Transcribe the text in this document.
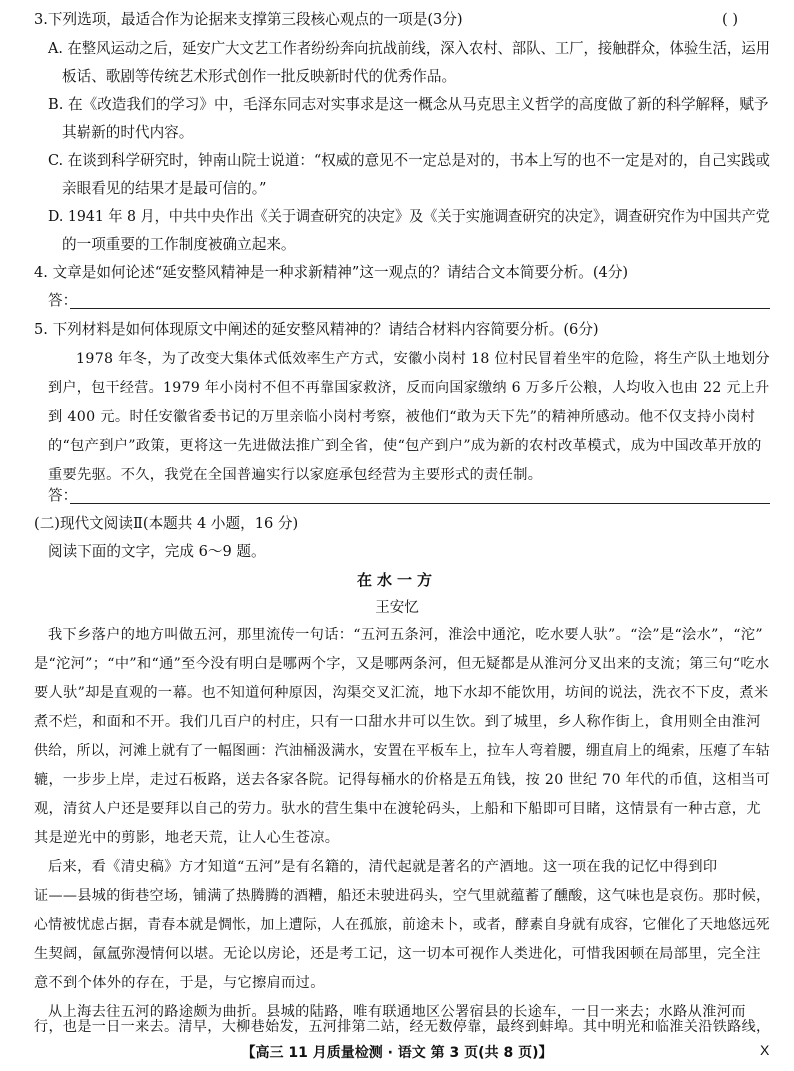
3.下列选项，最适合作为论据来支撑第三段核心观点的一项是(3分)	( )
A. 在整风运动之后，延安广大文艺工作者纷纷奔向抗战前线，深入农村、部队、工厂，接触群众，体验生活，运用
板话、歌剧等传统艺术形式创作一批反映新时代的优秀作品。
B. 在《改造我们的学习》中，毛泽东同志对实事求是这一概念从马克思主义哲学的高度做了新的科学解释，赋予
其崭新的时代内容。
C. 在谈到科学研究时，钟南山院士说道：“权威的意见不一定总是对的，书本上写的也不一定是对的，自己实践或
亲眼看见的结果才是最可信的。”
D. 1941 年 8 月，中共中央作出《关于调查研究的决定》及《关于实施调查研究的决定》，调查研究作为中国共产党
的一项重要的工作制度被确立起来。
4. 文章是如何论述“延安整风精神是一种求新精神”这一观点的？请结合文本简要分析。(4分)
答：
5. 下列材料是如何体现原文中阐述的延安整风精神的？请结合材料内容简要分析。(6分)
1978 年冬，为了改变大集体式低效率生产方式，安徽小岗村 18 位村民冒着坐牢的危险，将生产队土地划分
到户，包干经营。1979 年小岗村不但不再靠国家救济，反而向国家缴纳 6 万多斤公粮，人均收入也由 22 元上升
到 400 元。时任安徽省委书记的万里亲临小岗村考察，被他们“敢为天下先”的精神所感动。他不仅支持小岗村
的“包产到户”政策，更将这一先进做法推广到全省，使“包产到户”成为新的农村改革模式，成为中国改革开放的
重要先驱。不久，我党在全国普遍实行以家庭承包经营为主要形式的责任制。
答：
(二)现代文阅读Ⅱ(本题共 4 小题，16 分)
阅读下面的文字，完成 6～9 题。
在水一方
王安忆
我下乡落户的地方叫做五河，那里流传一句话：“五河五条河，淮浍中通沱，吃水要人驮”。“浍”是“浍水”，“沱”
是“沱河”；“中”和“通”至今没有明白是哪两个字，又是哪两条河，但无疑都是从淮河分叉出来的支流；第三句“吃水
要人驮”却是直观的一幕。也不知道何种原因，沟渠交叉汇流，地下水却不能饮用，坊间的说法，洗衣不下皮，煮米
煮不烂，和面和不开。我们几百户的村庄，只有一口甜水井可以生饮。到了城里，乡人称作街上，食用则全由淮河
供给，所以，河滩上就有了一幅图画：汽油桶汲满水，安置在平板车上，拉车人弯着腰，绷直肩上的绳索，压瘪了车轱
辘，一步步上岸，走过石板路，送去各家各院。记得每桶水的价格是五角钱，按 20 世纪 70 年代的币值，这相当可
观，清贫人户还是要拜以自己的劳力。驮水的营生集中在渡轮码头，上船和下船即可目睹，这情景有一种古意，尤
其是逆光中的剪影，地老天荒，让人心生苍凉。
后来，看《清史稿》方才知道“五河”是有名籍的，清代起就是著名的产酒地。这一项在我的记忆中得到印
证——县城的街巷空场，铺满了热腾腾的酒糟，船还未驶进码头，空气里就蕴蓄了醺酸，这气味也是哀伤。那时候，
心情被忧虑占据，青春本就是惆怅，加上遭际，人在孤旅，前途未卜，或者，酵素自身就有成容，它催化了天地悠远死
生契阔，氤氲弥漫情何以堪。无论以房论，还是考工记，这一切本可视作人类进化，可惜我困顿在局部里，完全注
意不到个体外的存在，于是，与它擦肩而过。
从上海去往五河的路途颇为曲折。县城的陆路，唯有联通地区公署宿县的长途车，一日一来去；水路从淮河而
行，也是一日一来去。清早，大柳巷始发，五河排第二站，经无数停靠，最终到蚌埠。其中明光和临淮关沿铁路线，
【高三 11 月质量检测 · 语文 第 3 页(共 8 页)】	X
